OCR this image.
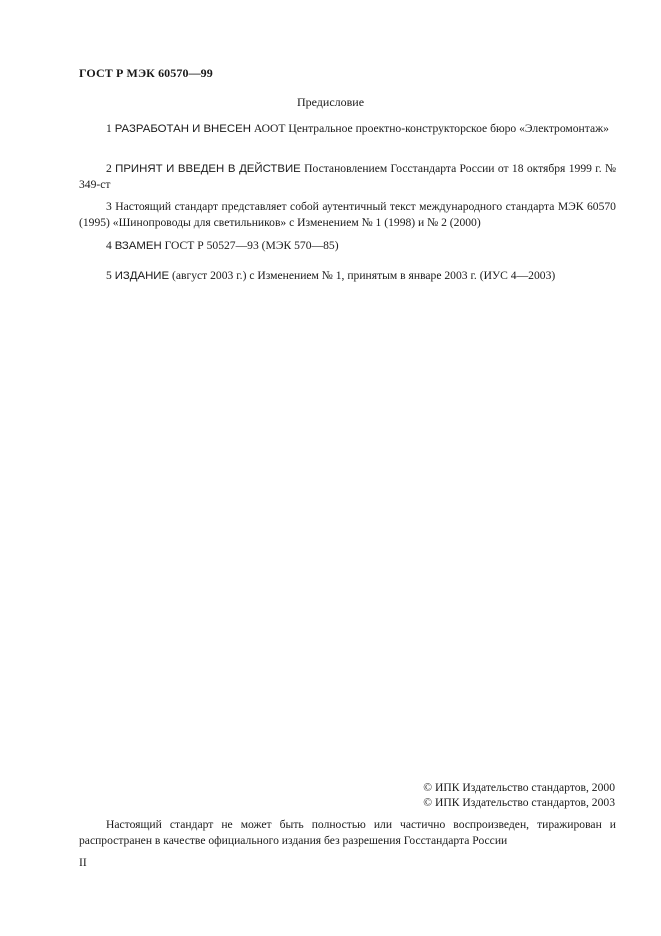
ГОСТ Р МЭК 60570—99
Предисловие
1 РАЗРАБОТАН И ВНЕСЕН АООТ Центральное проектно-конструкторское бюро «Электромонтаж»
2 ПРИНЯТ И ВВЕДЕН В ДЕЙСТВИЕ Постановлением Госстандарта России от 18 октября 1999 г. № 349-ст
3 Настоящий стандарт представляет собой аутентичный текст международного стандарта МЭК 60570 (1995) «Шинопроводы для светильников» с Изменением № 1 (1998) и № 2 (2000)
4 ВЗАМЕН ГОСТ Р 50527—93 (МЭК 570—85)
5 ИЗДАНИЕ (август 2003 г.) с Изменением № 1, принятым в январе 2003 г. (ИУС 4—2003)
© ИПК Издательство стандартов, 2000
© ИПК Издательство стандартов, 2003
Настоящий стандарт не может быть полностью или частично воспроизведен, тиражирован и распространен в качестве официального издания без разрешения Госстандарта России
II
